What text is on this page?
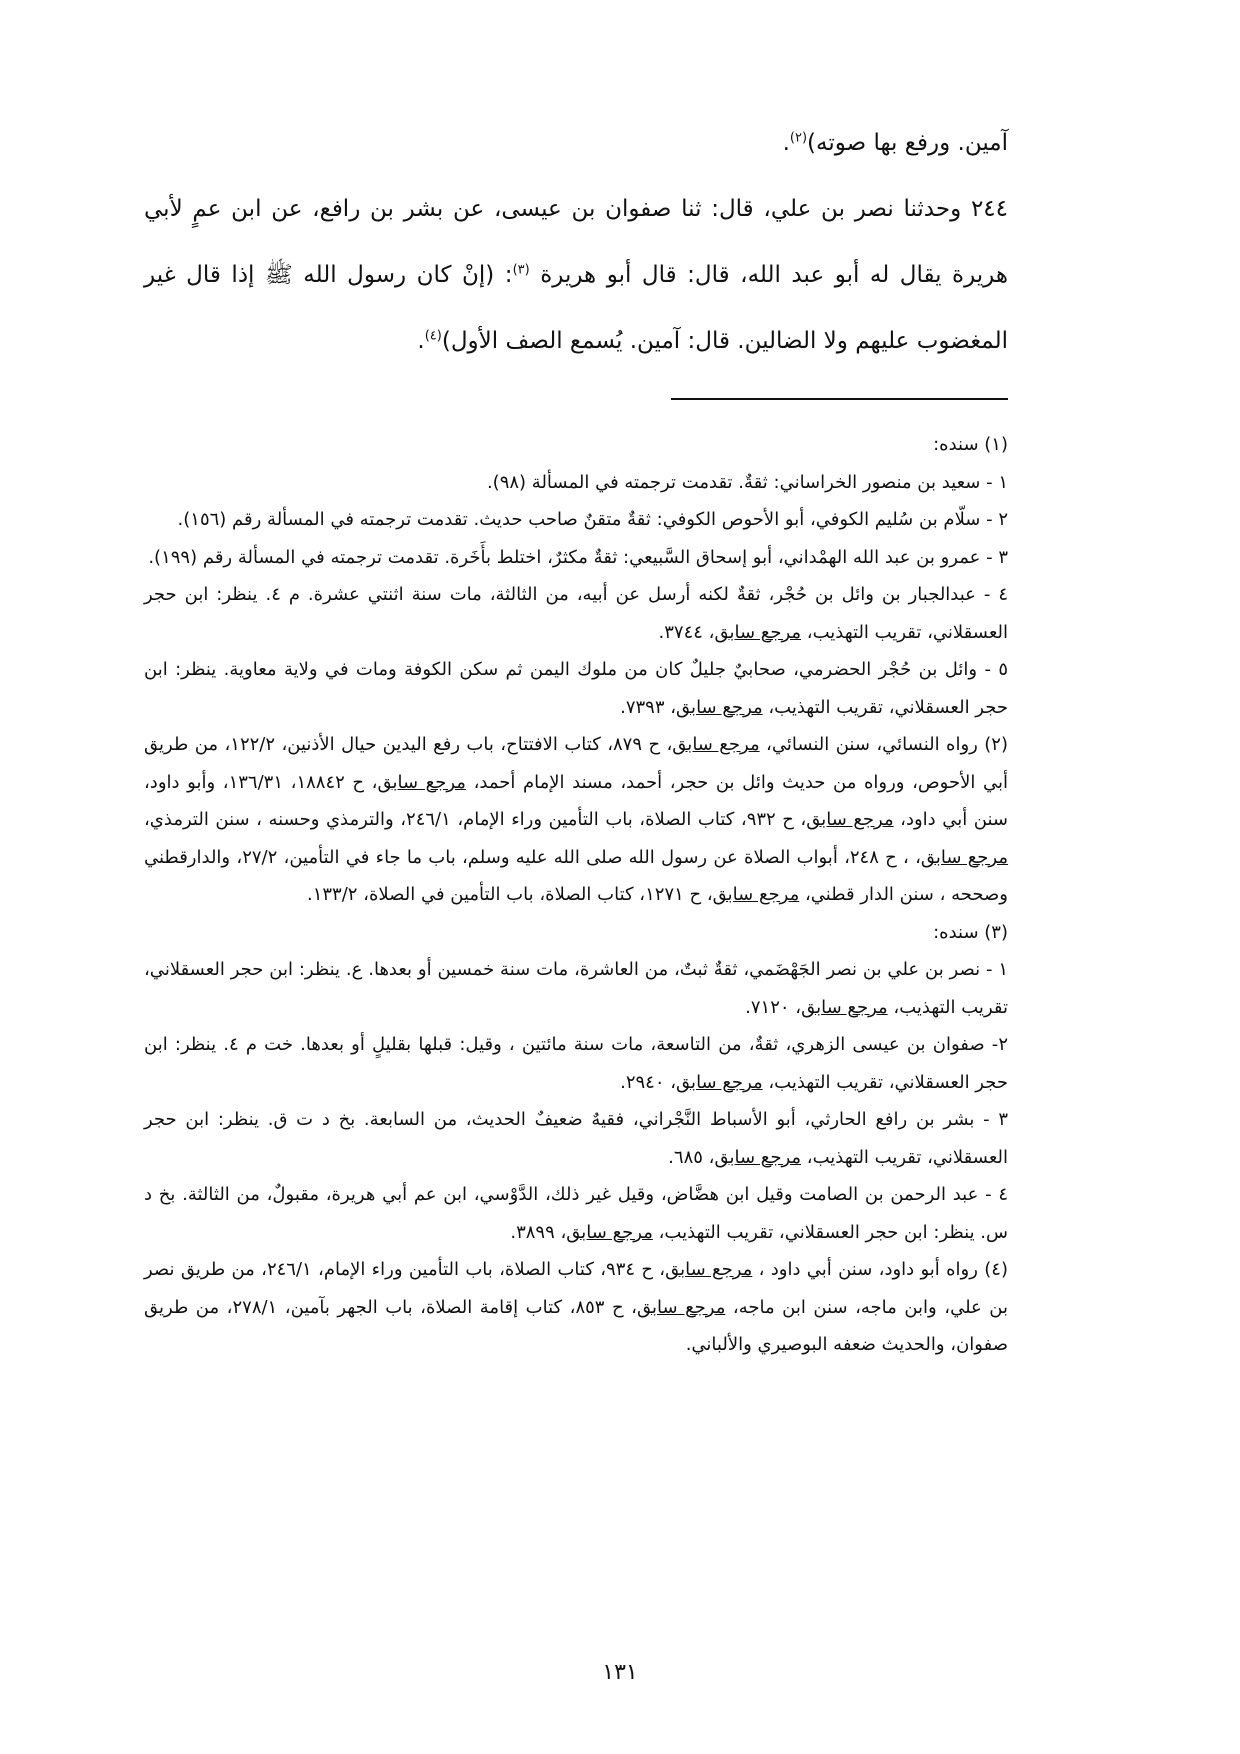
آمين. ورفع بها صوته)$^{(٢)}$.

٢٤٤ وحدثنا نصر بن علي، قال: ثنا صفوان بن عيسى، عن بشر بن رافع، عن ابن عمٍ لأبي هريرة يقال له أبو عبد الله، قال: قال أبو هريرة $^{(٣)}$: (إنْ كان رسول الله ﷺ إذا قال غير المغضوب عليهم ولا الضالين. قال: آمين. يُسمع الصف الأول)$^{(٤)}$.

(١) سنده:

١ - سعيد بن منصور الخراساني: ثقةٌ. تقدمت ترجمته في المسألة (٩٨).

٢ - سلّام بن سُليم الكوفي، أبو الأحوص الكوفي: ثقةٌ متقنٌ صاحب حديث. تقدمت ترجمته في المسألة رقم (١٥٦).

٣ - عمرو بن عبد الله الهمْداني، أبو إسحاق السَّبيعي: ثقةٌ مكثرٌ، اختلط بأَخَرة. تقدمت ترجمته في المسألة رقم (١٩٩).

٤ - عبدالجبار بن وائل بن حُجْر، ثقةٌ لكنه أرسل عن أبيه، من الثالثة، مات سنة اثنتي عشرة. م ٤. ينظر: ابن حجر العسقلاني، تقريب التهذيب، مرجع سابق، ٣٧٤٤.

٥ - وائل بن حُجْر الحضرمي، صحابيٌ جليلٌ كان من ملوك اليمن ثم سكن الكوفة ومات في ولاية معاوية. ينظر: ابن حجر العسقلاني، تقريب التهذيب، مرجع سابق، ٧٣٩٣.

(٢) رواه النسائي، سنن النسائي، مرجع سابق، ح ٨٧٩، كتاب الافتتاح، باب رفع اليدين حيال الأذنين، ١٢٢/٢، من طريق أبي الأحوص، ورواه من حديث وائل بن حجر، أحمد، مسند الإمام أحمد، مرجع سابق، ح ١٨٨٤٢، ١٣٦/٣١، وأبو داود، سنن أبي داود، مرجع سابق، ح ٩٣٢، كتاب الصلاة، باب التأمين وراء الإمام، ٢٤٦/١، والترمذي وحسنه ، سنن الترمذي، مرجع سابق، ، ح ٢٤٨، أبواب الصلاة عن رسول الله صلى الله عليه وسلم، باب ما جاء في التأمين، ٢٧/٢، والدارقطني وصححه ، سنن الدار قطني، مرجع سابق، ح ١٢٧١، كتاب الصلاة، باب التأمين في الصلاة، ١٣٣/٢.

(٣) سنده:

١ - نصر بن علي بن نصر الجَهْضَمي، ثقةٌ ثبتٌ، من العاشرة، مات سنة خمسين أو بعدها. ع. ينظر: ابن حجر العسقلاني، تقريب التهذيب، مرجع سابق، ٧١٢٠.

٢- صفوان بن عيسى الزهري، ثقةٌ، من التاسعة، مات سنة مائتين ، وقيل: قبلها بقليلٍ أو بعدها. خت م ٤. ينظر: ابن حجر العسقلاني، تقريب التهذيب، مرجع سابق، ٢٩٤٠.

٣ - بشر بن رافع الحارثي، أبو الأسباط النَّجْراني، فقيهٌ ضعيفٌ الحديث، من السابعة. بخ د ت ق. ينظر: ابن حجر العسقلاني، تقريب التهذيب، مرجع سابق، ٦٨٥.

٤ - عبد الرحمن بن الصامت وقيل ابن هضَّاض، وقيل غير ذلك، الدَّوْسي، ابن عم أبي هريرة، مقبولٌ، من الثالثة. بخ د س. ينظر: ابن حجر العسقلاني، تقريب التهذيب، مرجع سابق، ٣٨٩٩.

(٤) رواه أبو داود، سنن أبي داود ، مرجع سابق، ح ٩٣٤، كتاب الصلاة، باب التأمين وراء الإمام، ٢٤٦/١، من طريق نصر بن علي، وابن ماجه، سنن ابن ماجه، مرجع سابق، ح ٨٥٣، كتاب إقامة الصلاة، باب الجهر بآمين، ٢٧٨/١، من طريق صفوان، والحديث ضعفه البوصيري والألباني.

١٣١
